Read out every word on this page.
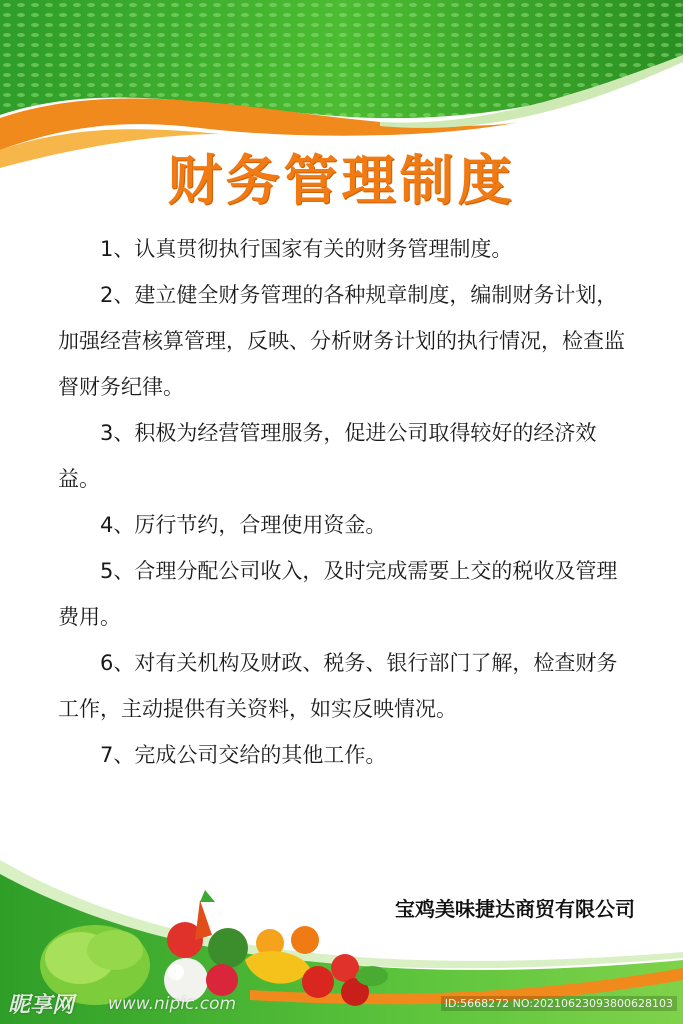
财务管理制度

1、认真贯彻执行国家有关的财务管理制度。

2、建立健全财务管理的各种规章制度，编制财务计划，加强经营核算管理，反映、分析财务计划的执行情况，检查监督财务纪律。

3、积极为经营管理服务，促进公司取得较好的经济效益。

4、厉行节约，合理使用资金。

5、合理分配公司收入，及时完成需要上交的税收及管理费用。

6、对有关机构及财政、税务、银行部门了解，检查财务工作，主动提供有关资料，如实反映情况。

7、完成公司交给的其他工作。

宝鸡美味捷达商贸有限公司
昵享网 www.nipic.com	ID:5668272 NO:20210623093800628103
